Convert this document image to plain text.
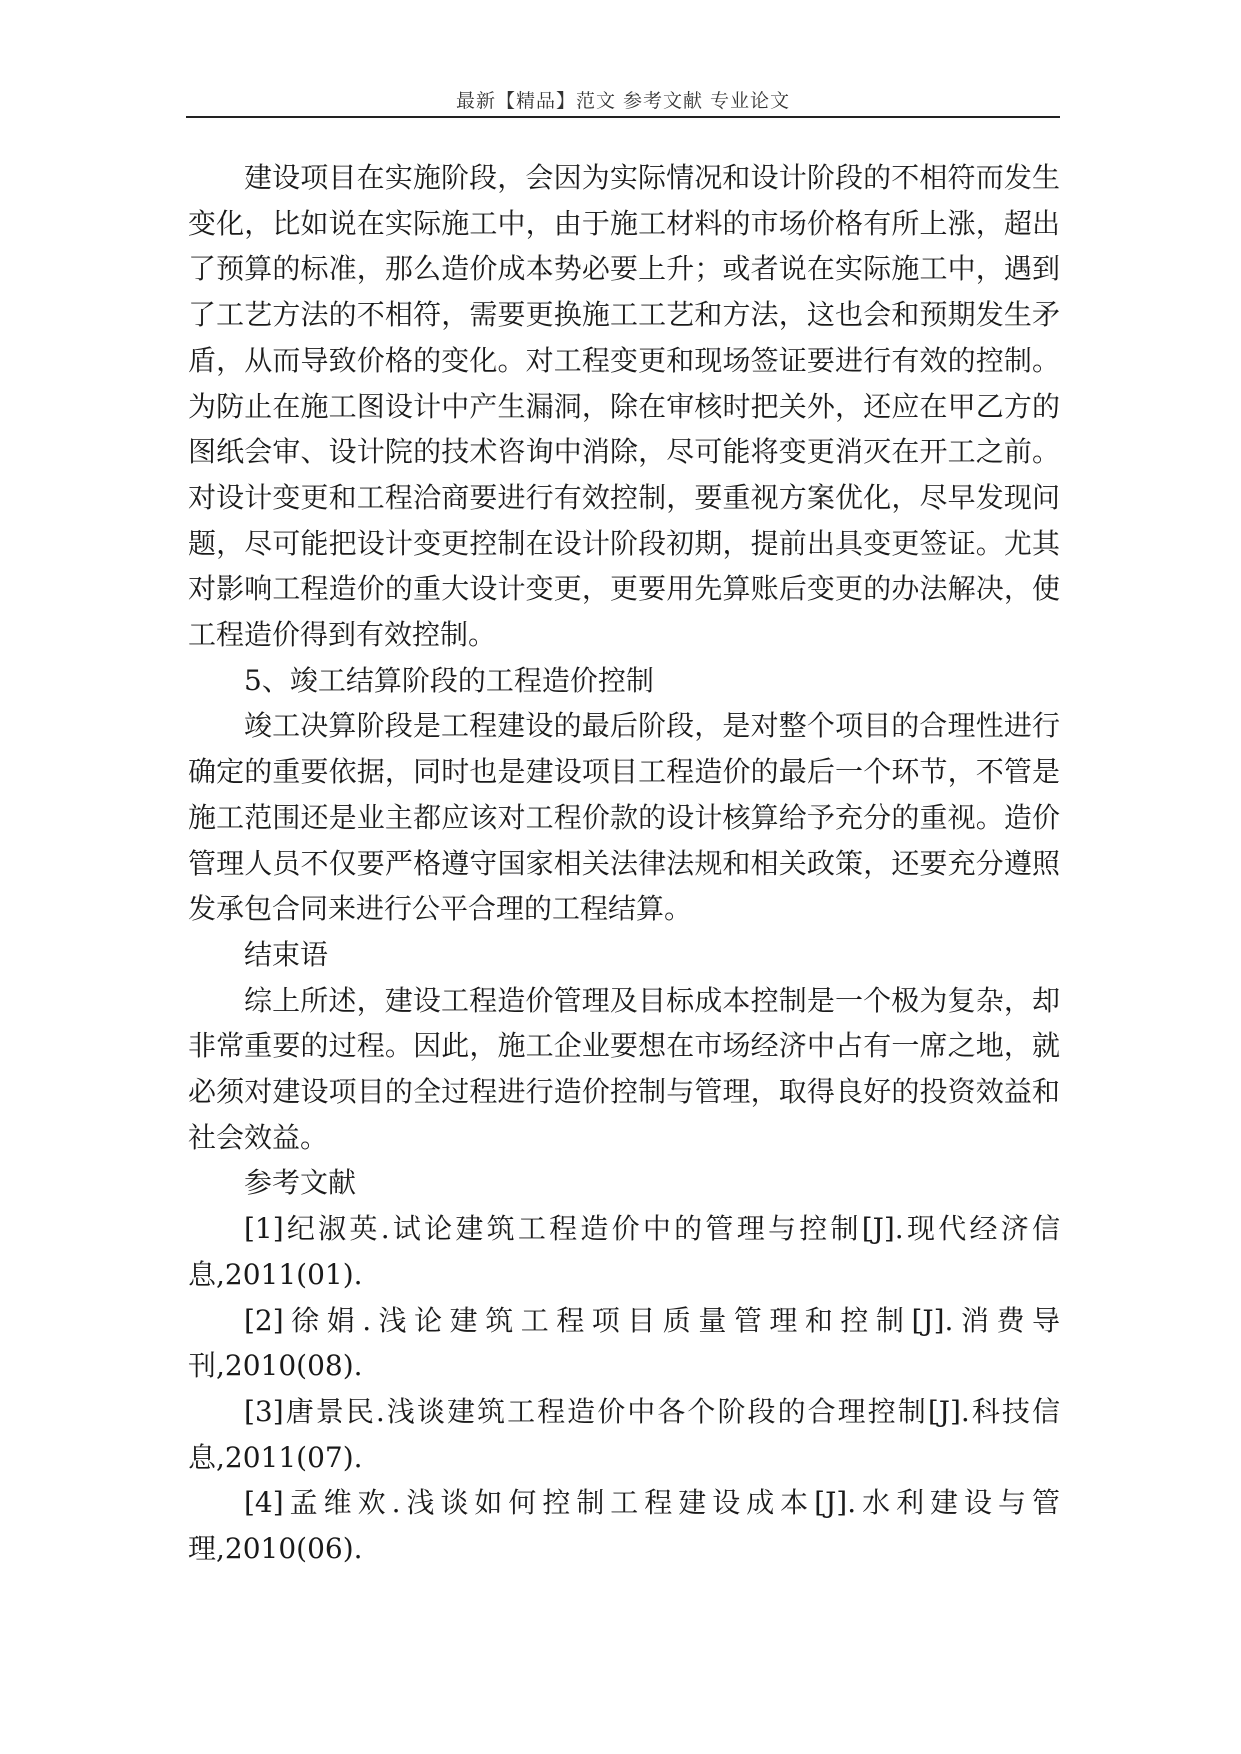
最新【精品】范文 参考文献 专业论文

建设项目在实施阶段，会因为实际情况和设计阶段的不相符而发生变化，比如说在实际施工中，由于施工材料的市场价格有所上涨，超出了预算的标准，那么造价成本势必要上升；或者说在实际施工中，遇到了工艺方法的不相符，需要更换施工工艺和方法，这也会和预期发生矛盾，从而导致价格的变化。对工程变更和现场签证要进行有效的控制。为防止在施工图设计中产生漏洞，除在审核时把关外，还应在甲乙方的图纸会审、设计院的技术咨询中消除，尽可能将变更消灭在开工之前。对设计变更和工程洽商要进行有效控制，要重视方案优化，尽早发现问题，尽可能把设计变更控制在设计阶段初期，提前出具变更签证。尤其对影响工程造价的重大设计变更，更要用先算账后变更的办法解决，使工程造价得到有效控制。

5、竣工结算阶段的工程造价控制

竣工决算阶段是工程建设的最后阶段，是对整个项目的合理性进行确定的重要依据，同时也是建设项目工程造价的最后一个环节，不管是施工范围还是业主都应该对工程价款的设计核算给予充分的重视。造价管理人员不仅要严格遵守国家相关法律法规和相关政策，还要充分遵照发承包合同来进行公平合理的工程结算。

结束语

综上所述，建设工程造价管理及目标成本控制是一个极为复杂，却非常重要的过程。因此，施工企业要想在市场经济中占有一席之地，就必须对建设项目的全过程进行造价控制与管理，取得良好的投资效益和社会效益。

参考文献

[1]纪淑英.试论建筑工程造价中的管理与控制[J].现代经济信息,2011(01).

[2]徐娟.浅论建筑工程项目质量管理和控制[J].消费导刊,2010(08).

[3]唐景民.浅谈建筑工程造价中各个阶段的合理控制[J].科技信息,2011(07).

[4]孟维欢.浅谈如何控制工程建设成本[J].水利建设与管理,2010(06).
